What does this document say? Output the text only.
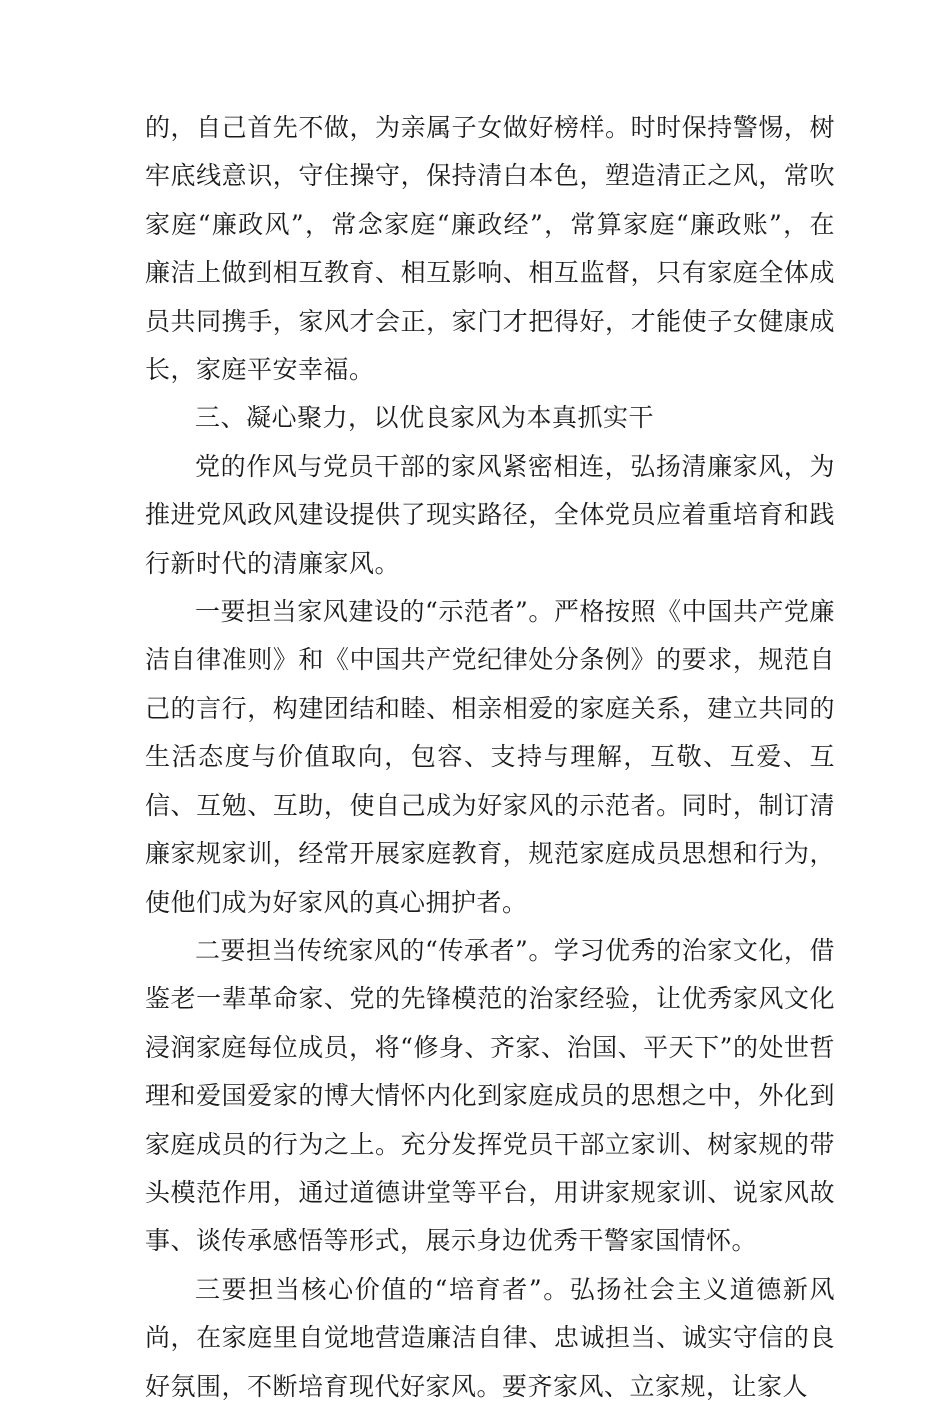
的，自己首先不做，为亲属子女做好榜样。时时保持警惕，树牢底线意识，守住操守，保持清白本色，塑造清正之风，常吹家庭“廉政风”，常念家庭“廉政经”，常算家庭“廉政账”，在廉洁上做到相互教育、相互影响、相互监督，只有家庭全体成员共同携手，家风才会正，家门才把得好，才能使子女健康成长，家庭平安幸福。

三、凝心聚力，以优良家风为本真抓实干

党的作风与党员干部的家风紧密相连，弘扬清廉家风，为推进党风政风建设提供了现实路径，全体党员应着重培育和践行新时代的清廉家风。

一要担当家风建设的“示范者”。严格按照《中国共产党廉洁自律准则》和《中国共产党纪律处分条例》的要求，规范自己的言行，构建团结和睦、相亲相爱的家庭关系，建立共同的生活态度与价值取向，包容、支持与理解，互敬、互爱、互信、互勉、互助，使自己成为好家风的示范者。同时，制订清廉家规家训，经常开展家庭教育，规范家庭成员思想和行为，使他们成为好家风的真心拥护者。

二要担当传统家风的“传承者”。学习优秀的治家文化，借鉴老一辈革命家、党的先锋模范的治家经验，让优秀家风文化浸润家庭每位成员，将“修身、齐家、治国、平天下”的处世哲理和爱国爱家的博大情怀内化到家庭成员的思想之中，外化到家庭成员的行为之上。充分发挥党员干部立家训、树家规的带头模范作用，通过道德讲堂等平台，用讲家规家训、说家风故事、谈传承感悟等形式，展示身边优秀干警家国情怀。

三要担当核心价值的“培育者”。弘扬社会主义道德新风尚，在家庭里自觉地营造廉洁自律、忠诚担当、诚实守信的良好氛围，不断培育现代好家风。要齐家风、立家规，让家人
